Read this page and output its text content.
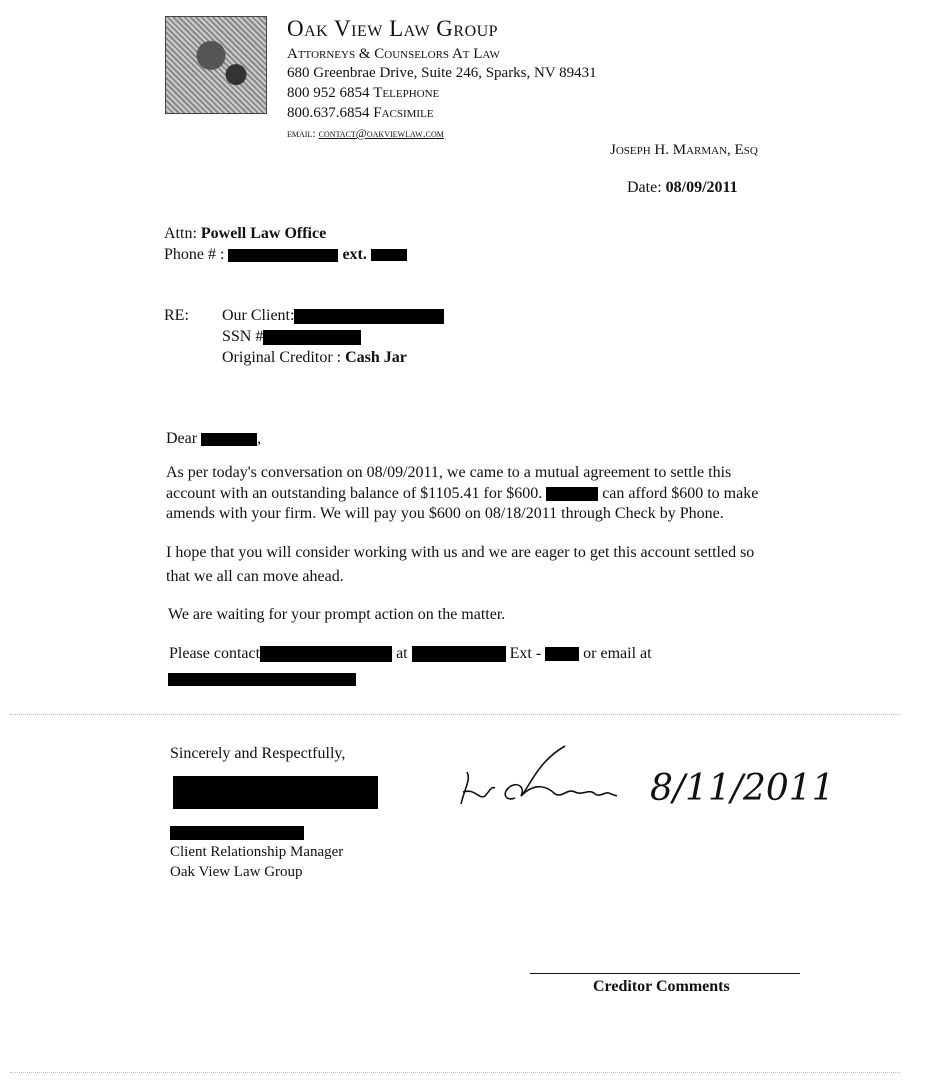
Oak View Law Group
Attorneys & Counselors At Law
680 Greenbrae Drive, Suite 246, Sparks, NV 89431
800 952 6854 Telephone
800.637.6854 Facsimile
email: contact@oakviewlaw.com
Joseph H. Marman, Esq
Date: 08/09/2011
Attn: Powell Law Office
Phone # :	ext.
RE: Our Client:
SSN #
Original Creditor : Cash Jar
Dear	,
As per today's conversation on 08/09/2011, we came to a mutual agreement to settle this
account with an outstanding balance of $1105.41 for $600.	can afford $600 to make
amends with your firm. We will pay you $600 on 08/18/2011 through Check by Phone.
I hope that you will consider working with us and we are eager to get this account settled so
that we all can move ahead.
We are waiting for your prompt action on the matter.
Please contact	at	Ext -	or email at
Sincerely and Respectfully,
Client Relationship Manager
Oak View Law Group
8/11/2011
Creditor Comments
